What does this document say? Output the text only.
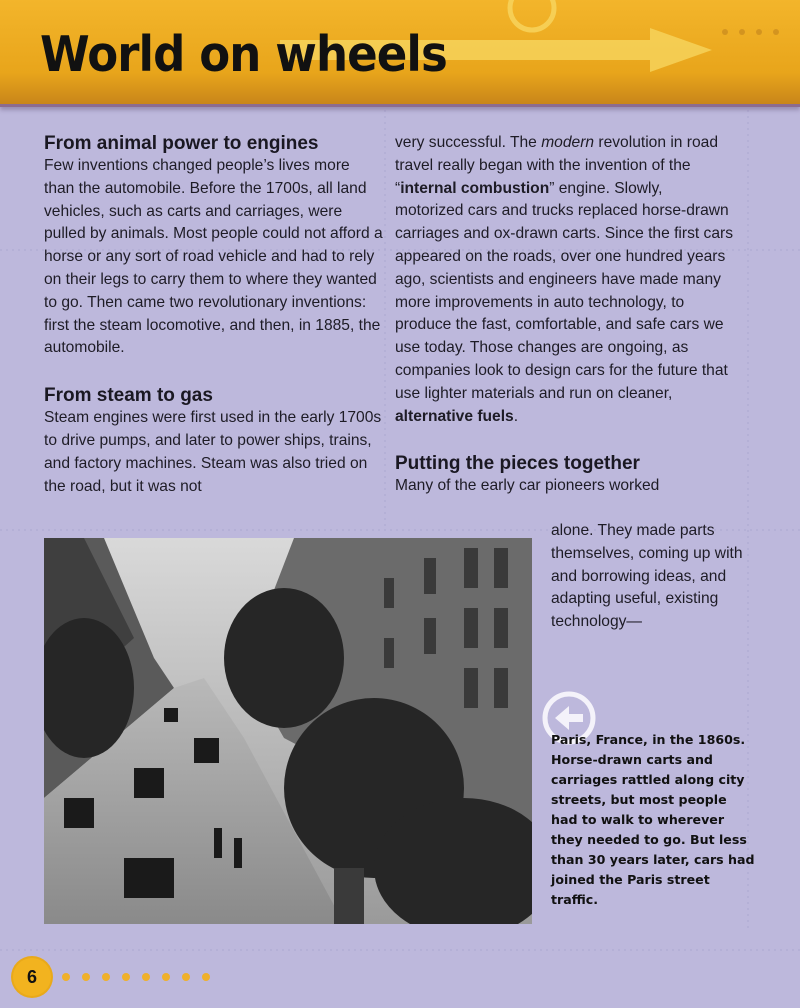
World on wheels
From animal power to engines

Few inventions changed people’s lives more than the automobile. Before the 1700s, all land vehicles, such as carts and carriages, were pulled by animals. Most people could not afford a horse or any sort of road vehicle and had to rely on their legs to carry them to where they wanted to go. Then came two revolutionary inventions: first the steam locomotive, and then, in 1885, the automobile.

From steam to gas

Steam engines were first used in the early 1700s to drive pumps, and later to power ships, trains, and factory machines. Steam was also tried on the road, but it was not

very successful. The modern revolution in road travel really began with the invention of the “internal combustion” engine. Slowly, motorized cars and trucks replaced horse-drawn carriages and ox-drawn carts. Since the first cars appeared on the roads, over one hundred years ago, scientists and engineers have made many more improvements in auto technology, to produce the fast, comfortable, and safe cars we use today. Those changes are ongoing, as companies look to design cars for the future that use lighter materials and run on cleaner, alternative fuels.

Putting the pieces together

Many of the early car pioneers worked

alone. They made parts themselves, coming up with and borrowing ideas, and adapting useful, existing technology—
Paris, France, in the 1860s. Horse-drawn carts and carriages rattled along city streets, but most people had to walk to wherever they needed to go. But less than 30 years later, cars had joined the Paris street traffic.
6
